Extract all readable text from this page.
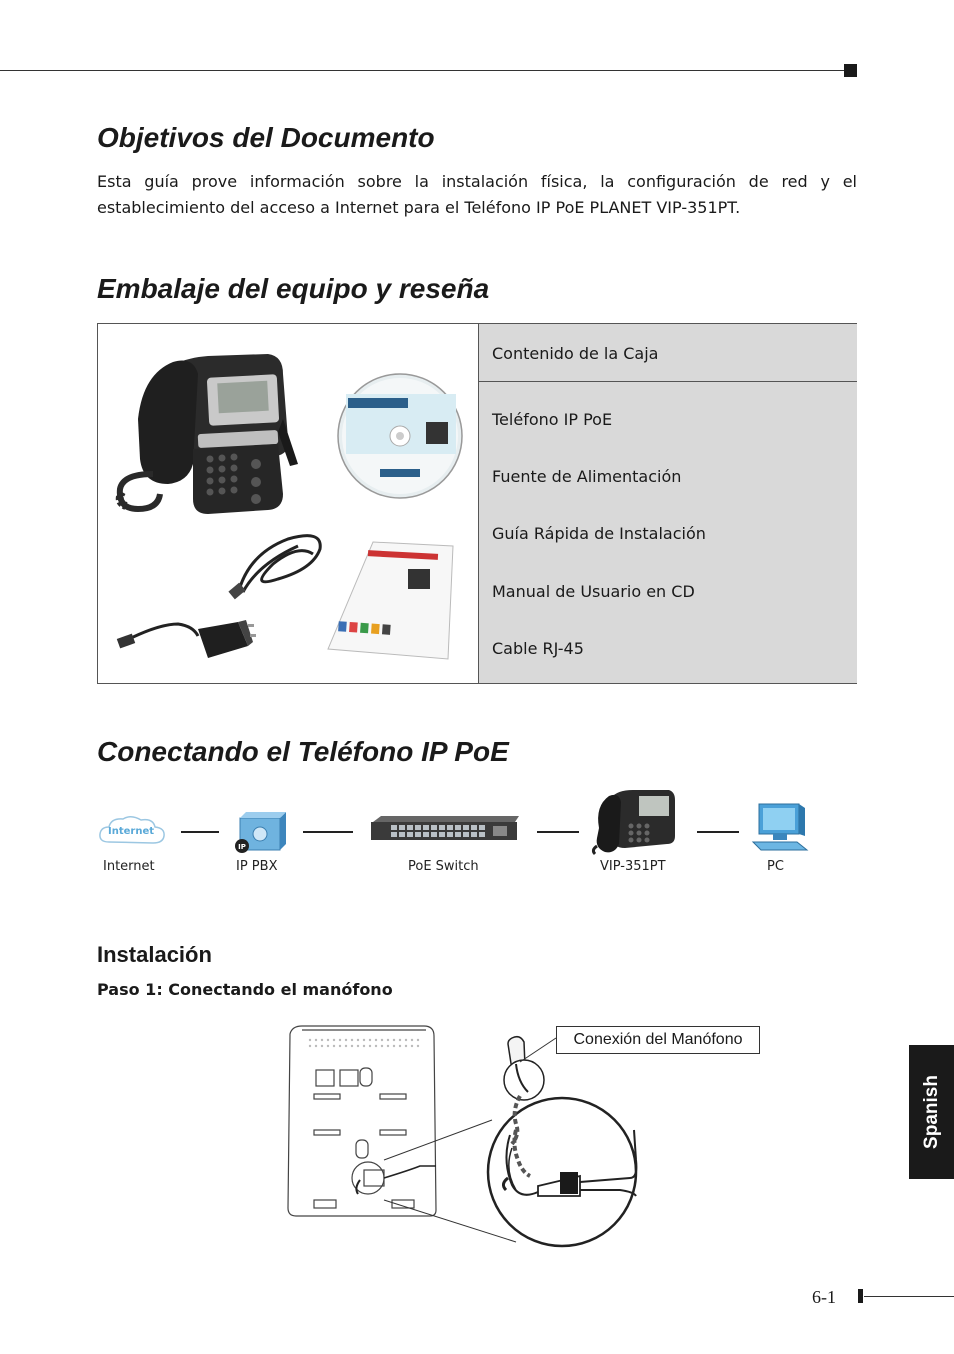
Objetivos del Documento
Esta guía prove información sobre la instalación física, la configuración de red y el establecimiento del acceso a Internet para el Teléfono IP PoE PLANET VIP-351PT.
Embalaje del equipo y reseña
Contenido de la Caja
Teléfono IP PoE
Fuente de Alimentación
Guía Rápida de Instalación
Manual de Usuario en CD
Cable RJ-45
Conectando el Teléfono IP PoE
Internet
IP
Internet	IP PBX	PoE Switch	VIP-351PT	PC
Instalación
Paso 1: Conectando el manófono
Conexión del Manófono
Spanish
6-1
